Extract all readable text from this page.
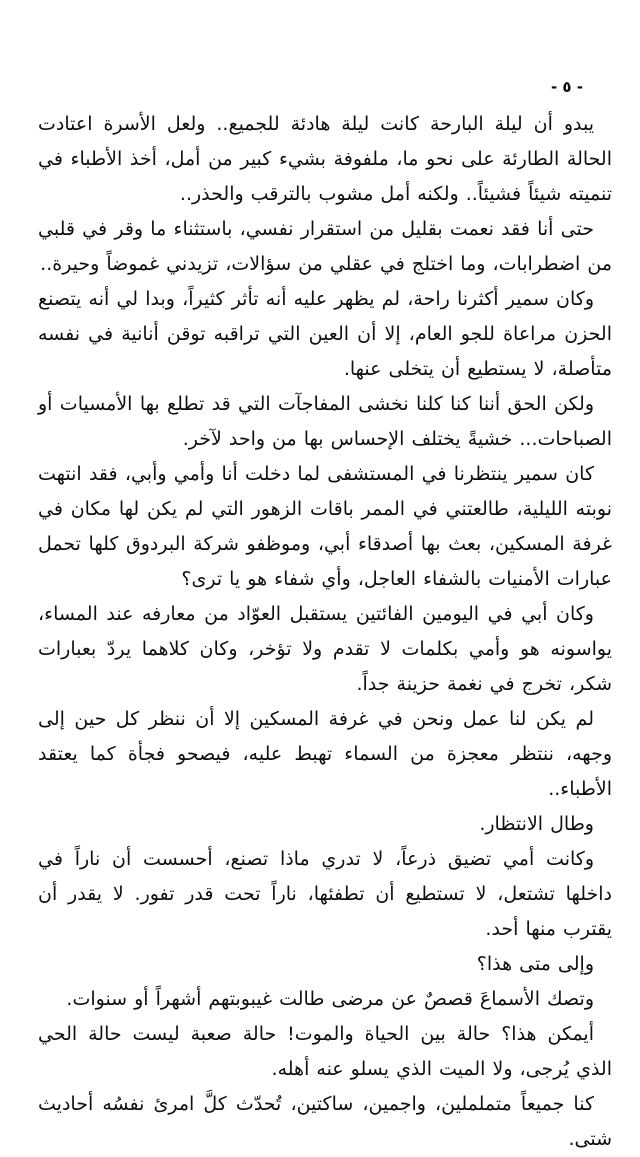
- ٥ -

يبدو أن ليلة البارحة كانت ليلة هادئة للجميع.. ولعل الأسرة اعتادت الحالة الطارئة على نحو ما، ملفوفة بشيء كبير من أمل، أخذ الأطباء في تنميته شيئاً فشيئاً.. ولكنه أمل مشوب بالترقب والحذر..

حتى أنا فقد نعمت بقليل من استقرار نفسي، باستثناء ما وقر في قلبي من اضطرابات، وما اختلج في عقلي من سؤالات، تزيدني غموضاً وحيرة..

وكان سمير أكثرنا راحة، لم يظهر عليه أنه تأثر كثيراً، وبدا لي أنه يتصنع الحزن مراعاة للجو العام، إلا أن العين التي تراقبه توقن أنانية في نفسه متأصلة، لا يستطيع أن يتخلى عنها.

ولكن الحق أننا كنا كلنا نخشى المفاجآت التي قد تطلع بها الأمسيات أو الصباحات... خشيةً يختلف الإحساس بها من واحد لآخر.

كان سمير ينتظرنا في المستشفى لما دخلت أنا وأمي وأبي، فقد انتهت نوبته الليلية، طالعتني في الممر باقات الزهور التي لم يكن لها مكان في غرفة المسكين، بعث بها أصدقاء أبي، وموظفو شركة البردوق كلها تحمل عبارات الأمنيات بالشفاء العاجل، وأي شفاء هو يا ترى؟

وكان أبي في اليومين الفائتين يستقبل العوّاد من معارفه عند المساء، يواسونه هو وأمي بكلمات لا تقدم ولا تؤخر، وكان كلاهما يردّ بعبارات شكر، تخرج في نغمة حزينة جداً.

لم يكن لنا عمل ونحن في غرفة المسكين إلا أن ننظر كل حين إلى وجهه، ننتظر معجزة من السماء تهبط عليه، فيصحو فجأة كما يعتقد الأطباء..

وطال الانتظار.

وكانت أمي تضيق ذرعاً، لا تدري ماذا تصنع، أحسست أن ناراً في داخلها تشتعل، لا تستطيع أن تطفئها، ناراً تحت قدر تفور. لا يقدر أن يقترب منها أحد.

وإلى متى هذا؟

وتصك الأسماعَ قصصٌ عن مرضى طالت غيبوبتهم أشهراً أو سنوات.

أيمكن هذا؟ حالة بين الحياة والموت! حالة صعبة ليست حالة الحي الذي يُرجى، ولا الميت الذي يسلو عنه أهله.

كنا جميعاً متململين، واجمين، ساكتين، تُحدّث كلَّ امرئ نفسُه أحاديث شتى.
